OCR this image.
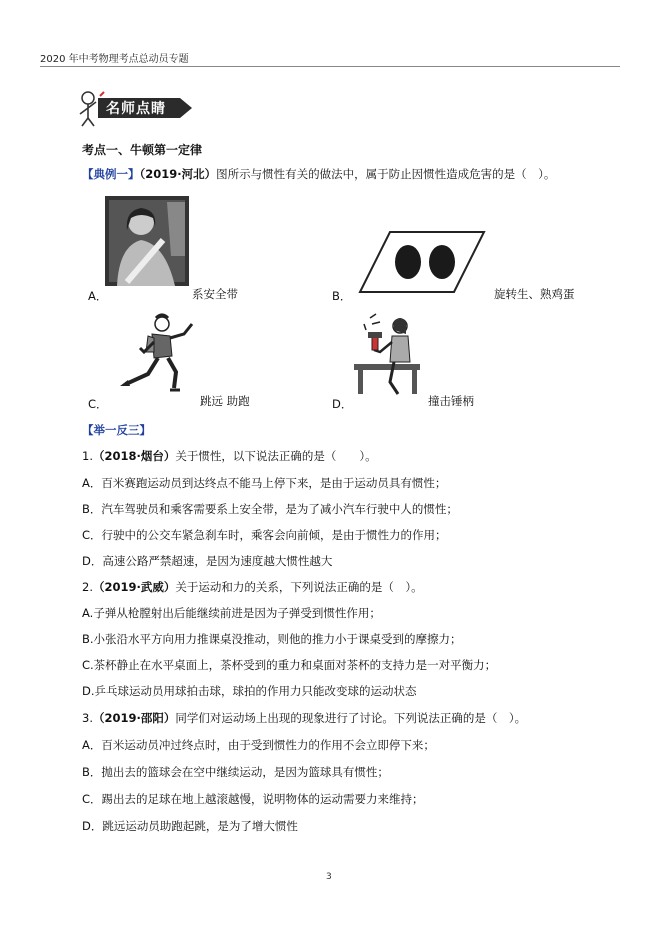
2020 年中考物理考点总动员专题
名师点睛
考点一、牛顿第一定律
【典例一】（2019·河北）图所示与惯性有关的做法中，属于防止因惯性造成危害的是（　）。
A．	系安全带	B．	旋转生、熟鸡蛋
C．	跳远 助跑	D．	撞击锤柄
【举一反三】
1.（2018·烟台）关于惯性，以下说法正确的是（　　）。
A．百米赛跑运动员到达终点不能马上停下来，是由于运动员具有惯性；
B．汽车驾驶员和乘客需要系上安全带，是为了减小汽车行驶中人的惯性；
C．行驶中的公交车紧急刹车时，乘客会向前倾，是由于惯性力的作用；
D．高速公路严禁超速，是因为速度越大惯性越大
2.（2019·武威）关于运动和力的关系，下列说法正确的是（　）。
A.子弹从枪膛射出后能继续前进是因为子弹受到惯性作用；
B.小张沿水平方向用力推课桌没推动，则他的推力小于课桌受到的摩擦力；
C.茶杯静止在水平桌面上，茶杯受到的重力和桌面对茶杯的支持力是一对平衡力；
D.乒乓球运动员用球拍击球，球拍的作用力只能改变球的运动状态
3.（2019·邵阳）同学们对运动场上出现的现象进行了讨论。下列说法正确的是（　）。
A．百米运动员冲过终点时，由于受到惯性力的作用不会立即停下来；
B．抛出去的篮球会在空中继续运动，是因为篮球具有惯性；
C．踢出去的足球在地上越滚越慢，说明物体的运动需要力来维持；
D．跳远运动员助跑起跳，是为了增大惯性
3
